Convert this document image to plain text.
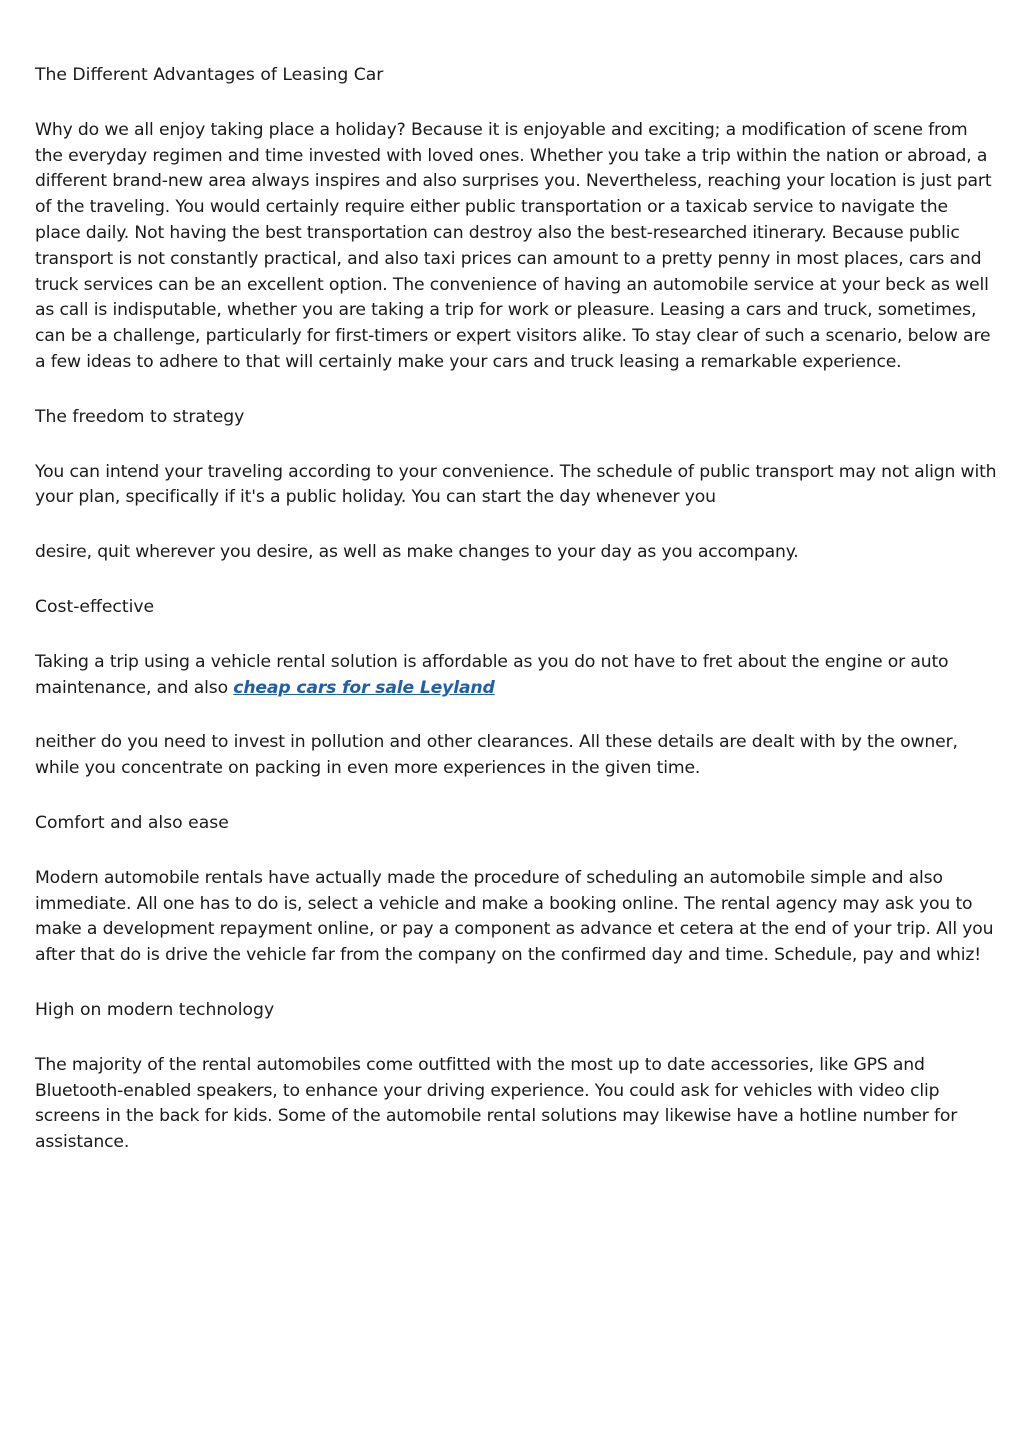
The Different Advantages of Leasing Car

Why do we all enjoy taking place a holiday? Because it is enjoyable and exciting; a modification of scene from the everyday regimen and time invested with loved ones. Whether you take a trip within the nation or abroad, a different brand-new area always inspires and also surprises you. Nevertheless, reaching your location is just part of the traveling. You would certainly require either public transportation or a taxicab service to navigate the place daily. Not having the best transportation can destroy also the best-researched itinerary. Because public transport is not constantly practical, and also taxi prices can amount to a pretty penny in most places, cars and truck services can be an excellent option. The convenience of having an automobile service at your beck as well as call is indisputable, whether you are taking a trip for work or pleasure. Leasing a cars and truck, sometimes, can be a challenge, particularly for first-timers or expert visitors alike. To stay clear of such a scenario, below are a few ideas to adhere to that will certainly make your cars and truck leasing a remarkable experience.

The freedom to strategy

You can intend your traveling according to your convenience. The schedule of public transport may not align with your plan, specifically if it's a public holiday. You can start the day whenever you

desire, quit wherever you desire, as well as make changes to your day as you accompany.

Cost-effective

Taking a trip using a vehicle rental solution is affordable as you do not have to fret about the engine or auto maintenance, and also cheap cars for sale Leyland

neither do you need to invest in pollution and other clearances. All these details are dealt with by the owner, while you concentrate on packing in even more experiences in the given time.

Comfort and also ease

Modern automobile rentals have actually made the procedure of scheduling an automobile simple and also immediate. All one has to do is, select a vehicle and make a booking online. The rental agency may ask you to make a development repayment online, or pay a component as advance et cetera at the end of your trip. All you after that do is drive the vehicle far from the company on the confirmed day and time. Schedule, pay and whiz!

High on modern technology

The majority of the rental automobiles come outfitted with the most up to date accessories, like GPS and Bluetooth-enabled speakers, to enhance your driving experience. You could ask for vehicles with video clip screens in the back for kids. Some of the automobile rental solutions may likewise have a hotline number for assistance.
